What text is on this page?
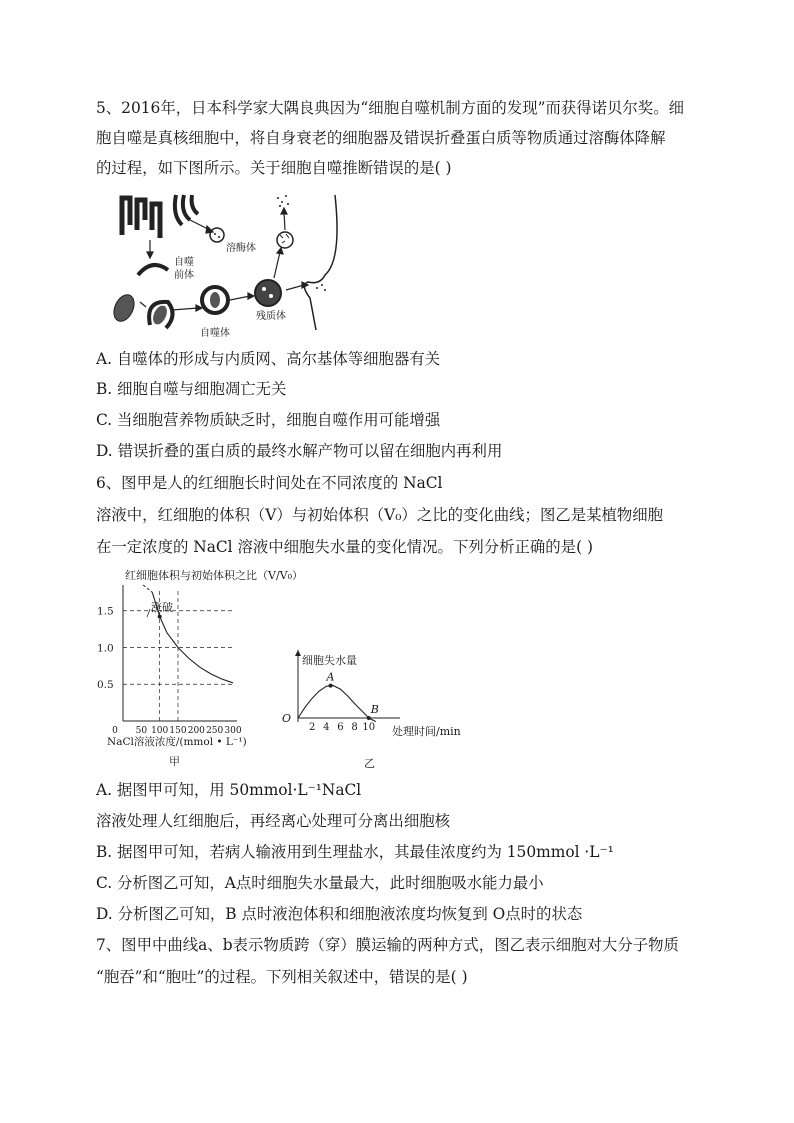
5、2016年，日本科学家大隅良典因为“细胞自噬机制方面的发现”而获得诺贝尔奖。细
胞自噬是真核细胞中，将自身衰老的细胞器及错误折叠蛋白质等物质通过溶酶体降解
的过程，如下图所示。关于细胞自噬推断错误的是( )
溶酶体
自噬
前体
自噬体
残质体
A. 自噬体的形成与内质网、高尔基体等细胞器有关
B. 细胞自噬与细胞凋亡无关
C. 当细胞营养物质缺乏时，细胞自噬作用可能增强
D. 错误折叠的蛋白质的最终水解产物可以留在细胞内再利用
6、图甲是人的红细胞长时间处在不同浓度的 NaCl
溶液中，红细胞的体积（V）与初始体积（V₀）之比的变化曲线；图乙是某植物细胞
在一定浓度的 NaCl 溶液中细胞失水量的变化情况。下列分析正确的是( )
红细胞体积与初始体积之比（V/V₀）
0.5
1.0
1.5
0 50 100 150 200 250 300
涨破
NaCl溶液浓度/(mmol • L⁻¹)
甲
细胞失水量
A
B
2 4 6 8 10
O
处理时间/min
乙
A. 据图甲可知，用 50mmol·L⁻¹NaCl
溶液处理人红细胞后，再经离心处理可分离出细胞核
B. 据图甲可知，若病人输液用到生理盐水，其最佳浓度约为 150mmol ·L⁻¹
C. 分析图乙可知，A点时细胞失水量最大，此时细胞吸水能力最小
D. 分析图乙可知，B 点时液泡体积和细胞液浓度均恢复到 O点时的状态
7、图甲中曲线a、b表示物质跨（穿）膜运输的两种方式，图乙表示细胞对大分子物质
“胞吞”和“胞吐”的过程。下列相关叙述中，错误的是( )
